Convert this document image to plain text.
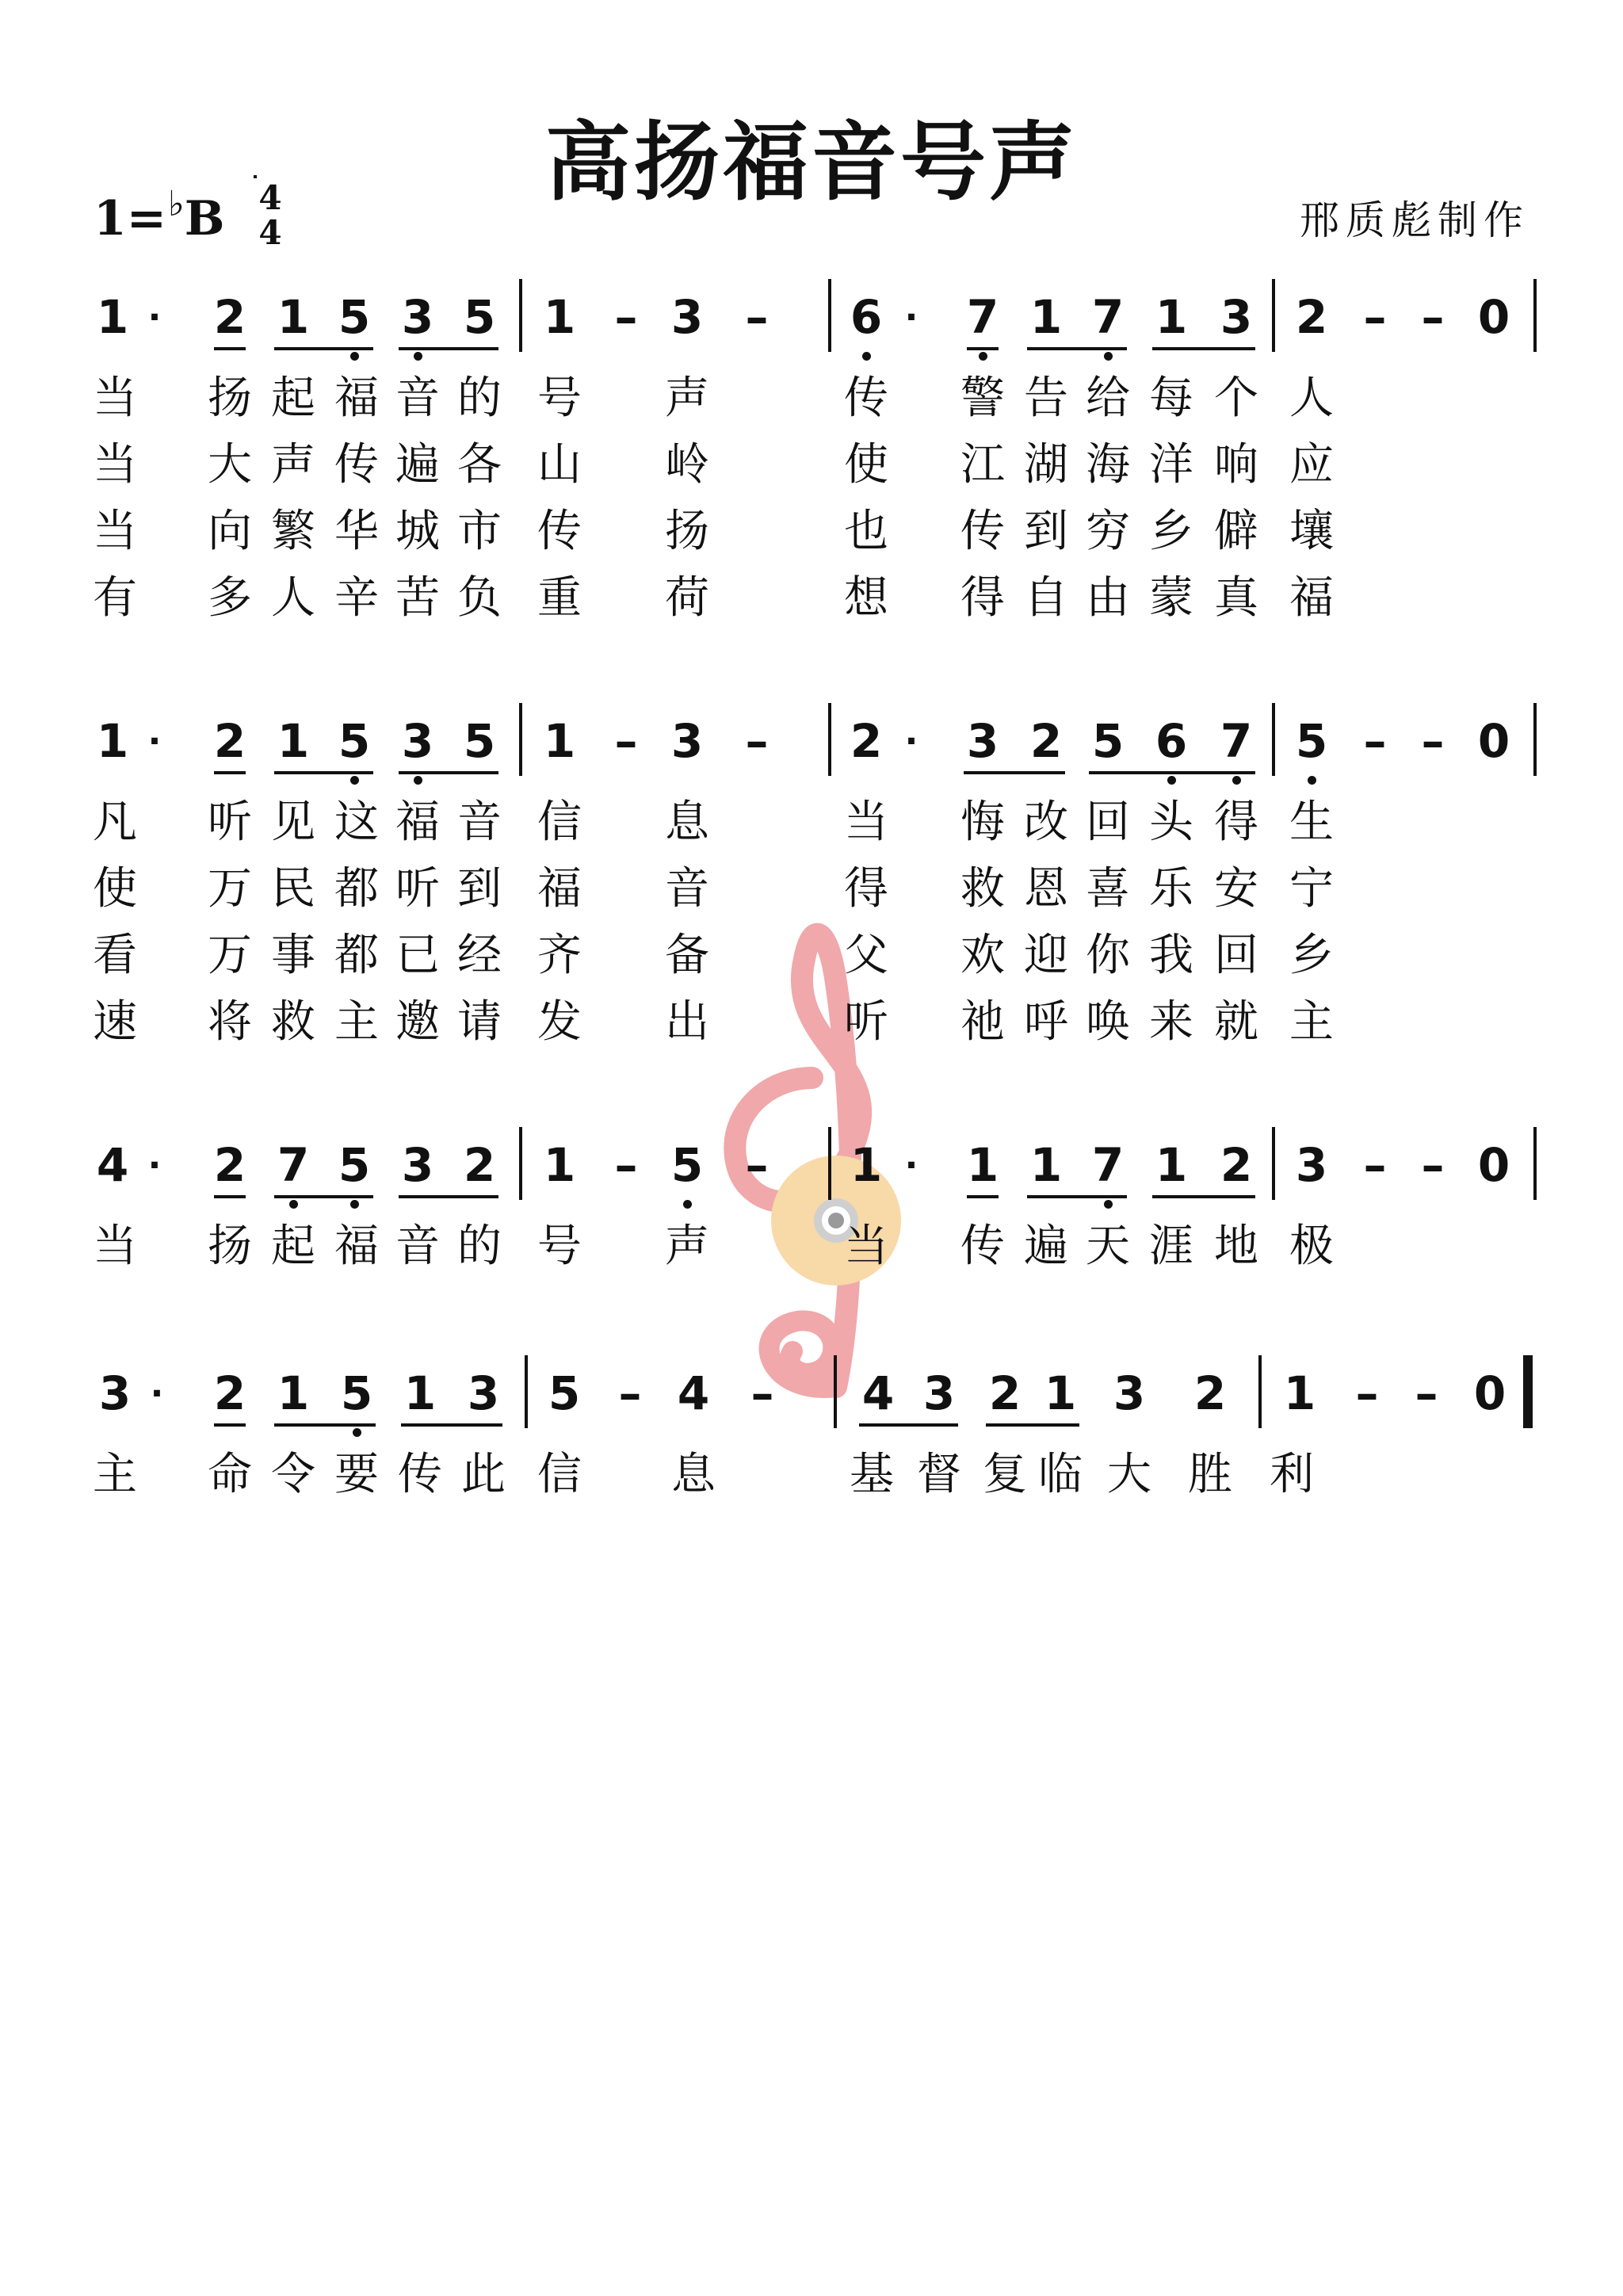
高扬福音号声
1=♭B 4
4	邢质彪制作
1 · 2 1 5 3 5 1 – 3 – 6 · 7 1 7 1 3 2 – – 0
当 扬 起 福 音 的 号 声	传 警 告 给 每 个 人
当 大 声 传 遍 各 山 岭	使 江 湖 海 洋 响 应
当 向 繁 华 城 市 传 扬	也 传 到 穷 乡 僻 壤
有 多 人 辛 苦 负 重 荷	想 得 自 由 蒙 真 福
1 · 2 1 5 3 5 1 – 3 – 2 · 3 2 5 6 7 5 – – 0
凡 听 见 这 福 音 信 息	当 悔 改 回 头 得 生
使 万 民 都 听 到 福 音	得 救 恩 喜 乐 安 宁
看 万 事 都 已 经 齐 备	父 欢 迎 你 我 回 乡
速 将 救 主 邀 请 发 出	听 祂 呼 唤 来 就 主
4 · 2 7 5 3 2 1 – 5 – 1 · 1 1 7 1 2 3 – – 0
当 扬 起 福 音 的 号 声	当 传 遍 天 涯 地 极
3 · 2 1 5 1 3 5 – 4 – 4 3 2 1 3 2 1 – – 0
主 命 令 要 传 此 信 息	基 督 复 临 大 胜 利
